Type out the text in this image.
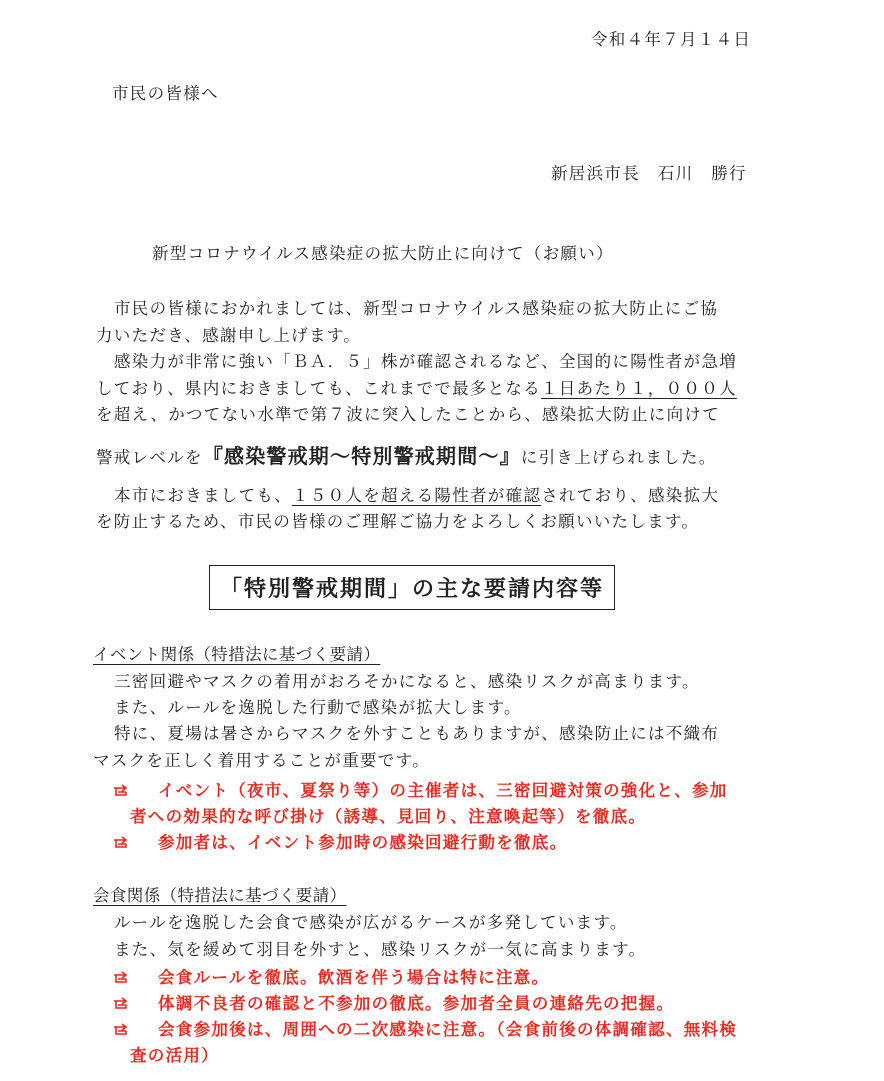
令和４年７月１４日
市民の皆様へ
新居浜市長　石川　勝行
新型コロナウイルス感染症の拡大防止に向けて（お願い）
市民の皆様におかれましては、新型コロナウイルス感染症の拡大防止にご協
力いただき、感謝申し上げます。
感染力が非常に強い「ＢＡ．５」株が確認されるなど、全国的に陽性者が急増
しており、県内におきましても、これまでで最多となる１日あたり１，０００人
を超え、かつてない水準で第７波に突入したことから、感染拡大防止に向けて
警戒レベルを『感染警戒期～特別警戒期間～』に引き上げられました。
本市におきましても、１５０人を超える陽性者が確認されており、感染拡大
を防止するため、市民の皆様のご理解ご協力をよろしくお願いいたします。
「特別警戒期間」の主な要請内容等
イベント関係（特措法に基づく要請）
三密回避やマスクの着用がおろそかになると、感染リスクが高まります。
また、ルールを逸脱した行動で感染が拡大します。
特に、夏場は暑さからマスクを外すこともありますが、感染防止には不織布
マスクを正しく着用することが重要です。
イベント（夜市、夏祭り等）の主催者は、三密回避対策の強化と、参加
者への効果的な呼び掛け（誘導、見回り、注意喚起等）を徹底。
参加者は、イベント参加時の感染回避行動を徹底。
会食関係（特措法に基づく要請）
ルールを逸脱した会食で感染が広がるケースが多発しています。
また、気を緩めて羽目を外すと、感染リスクが一気に高まります。
会食ルールを徹底。飲酒を伴う場合は特に注意。
体調不良者の確認と不参加の徹底。参加者全員の連絡先の把握。
会食参加後は、周囲への二次感染に注意。（会食前後の体調確認、無料検
査の活用）
